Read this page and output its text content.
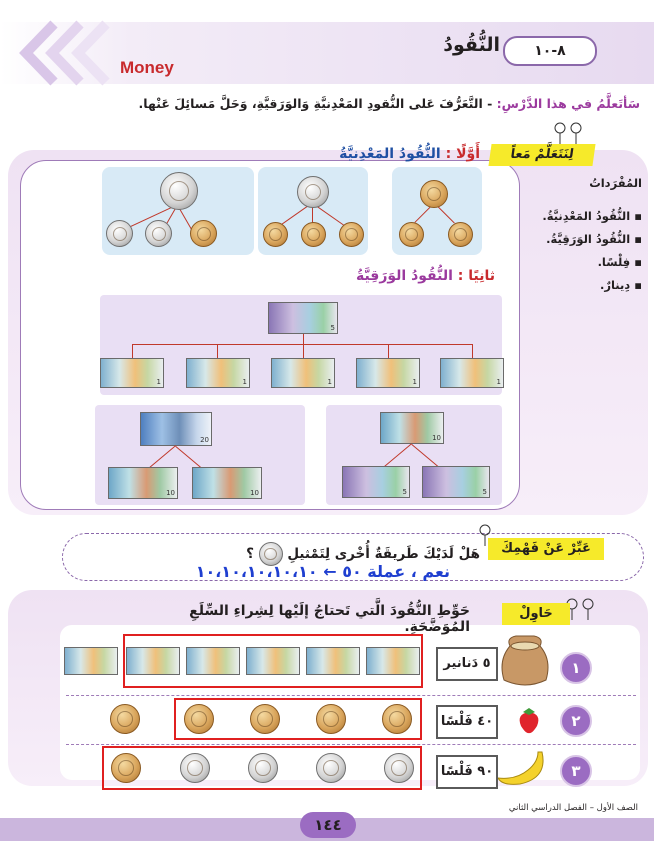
٨-١٠
النُّقُودُ
Money
سَأتَعلَّمُ في هذا الدَّرْسِ: - التَّعَرُّفَ عَلى النُّقودِ المَعْدِنيَّةِ وَالوَرَقيَّةِ، وَحَلَّ مَسائِلَ عَنْها.
لِنَتَعَلَّمْ مَعاً
أَوَّلًا : النُّقُودُ المَعْدِنيَّةُ
المُفْرَداتُ
▪ النُّقُودُ المَعْدِنيَّةُ.
▪ النُّقُودُ الوَرَقِيَّةُ.
▪ فِلْسًا.
▪ دِينارٌ.
ثانِيًا : النُّقُودُ الوَرَقِيَّةُ
5
1	1	1	1	1
20
10	10
10
5	5
عَبِّرْ عَنْ فَهْمِكَ
هَلْ لَدَيْكَ طَريقَةٌ أُخْرى لِتَمْثيلِ  ؟
نعم ، عملة ٥٠ ← ١٠،١٠،١٠،١٠،١٠
حَاوِلْ
حَوِّطِ النُّقُودَ الَّتي تَحتاجُ إلَيْها لِشِراءِ السِّلَعِ المُوَضَّحَةِ.
١
٥ دَنانير
٢
٤٠ فَلْسًا
٣
٩٠ فَلْسًا
الصف الأول – الفصل الدراسي الثاني
١٤٤
